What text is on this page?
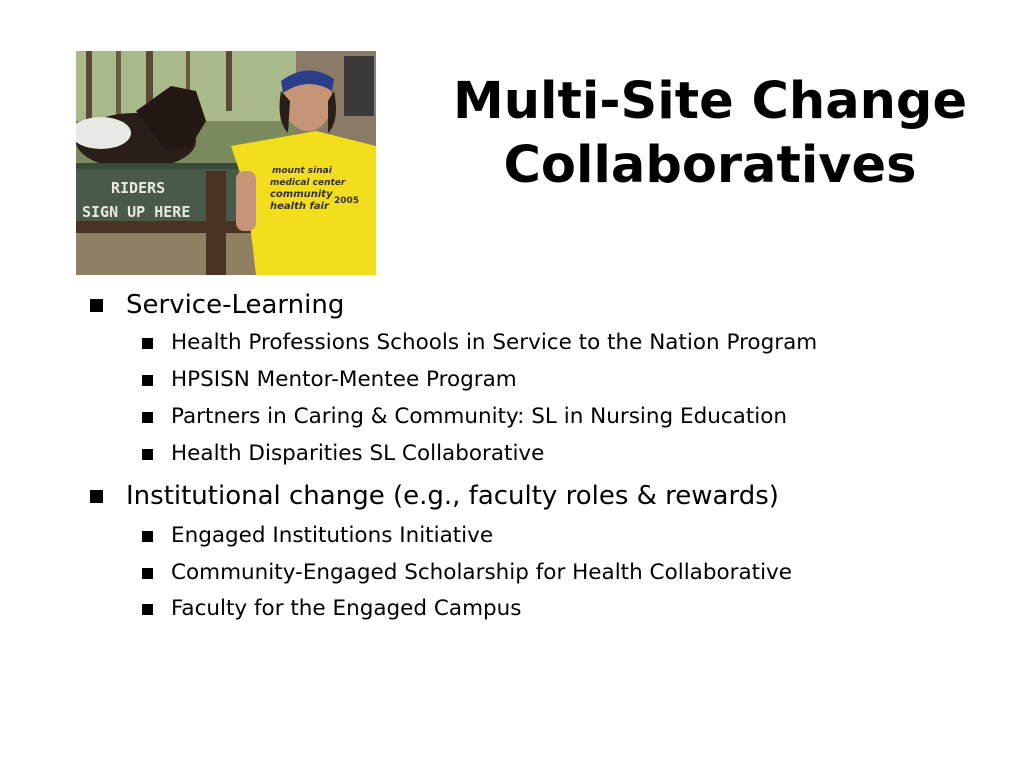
RIDERS
SIGN UP HERE
mount sinai
medical center
community
health fair 2005
Multi-Site Change
Collaboratives
Service-Learning
Health Professions Schools in Service to the Nation Program
HPSISN Mentor-Mentee Program
Partners in Caring & Community: SL in Nursing Education
Health Disparities SL Collaborative
Institutional change (e.g., faculty roles & rewards)
Engaged Institutions Initiative
Community-Engaged Scholarship for Health Collaborative
Faculty for the Engaged Campus
